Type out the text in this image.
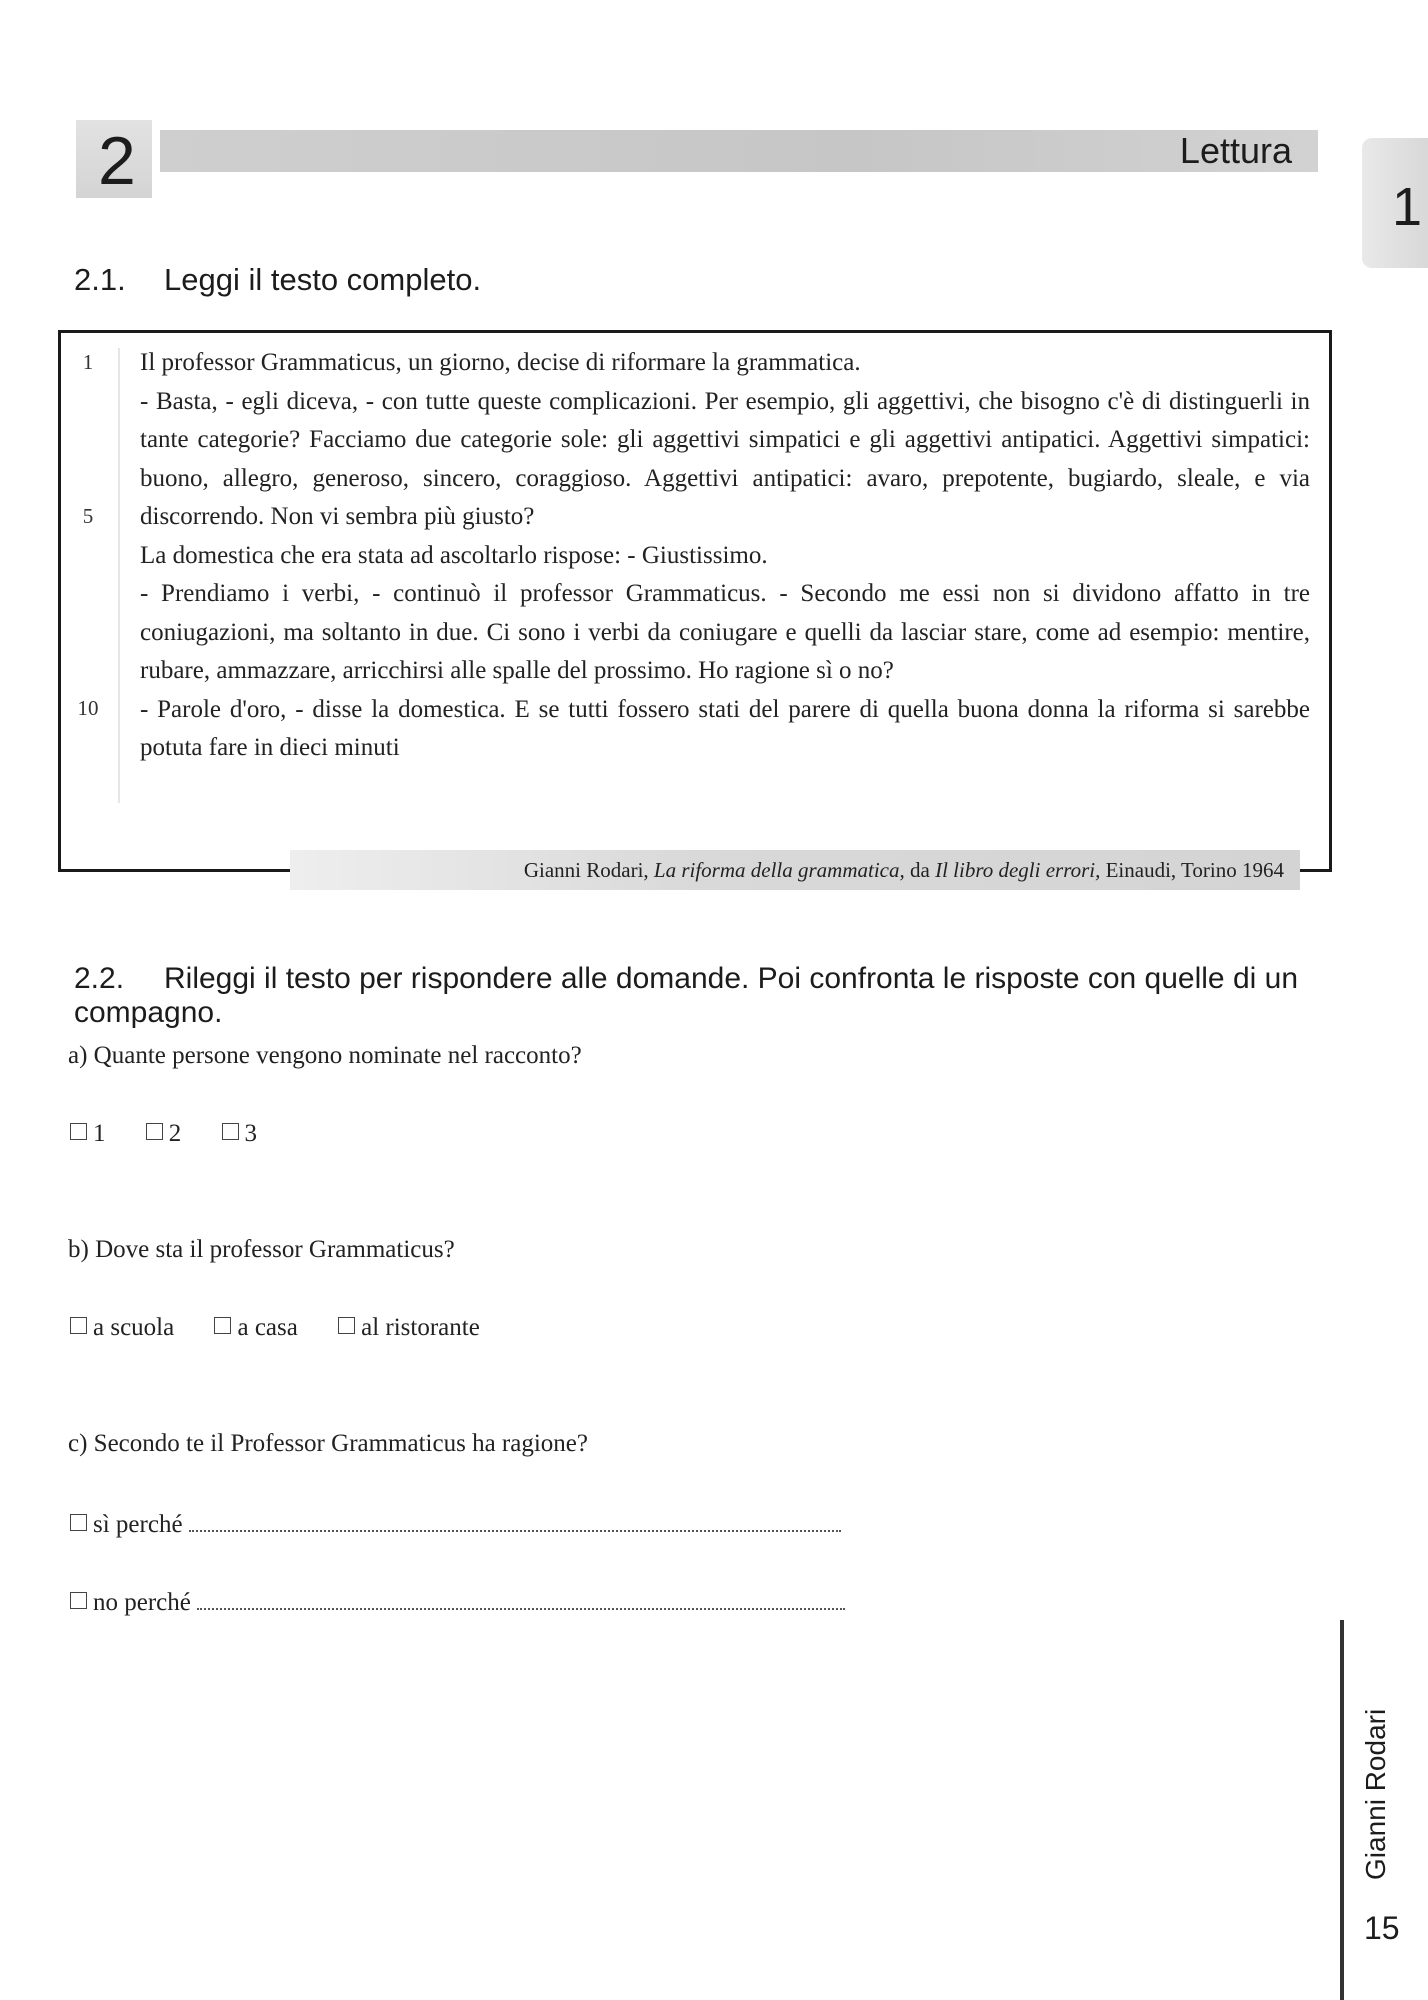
2	Lettura
1
2.1. Leggi il testo completo.
1
5
10

Il professor Grammaticus, un giorno, decise di riformare la grammatica.

- Basta, - egli diceva, - con tutte queste complicazioni. Per esempio, gli aggettivi, che bisogno c'è di distinguerli in tante categorie? Facciamo due categorie sole: gli aggettivi simpatici e gli aggettivi antipatici. Aggettivi simpatici: buono, allegro, generoso, sincero, coraggioso. Aggettivi antipatici: avaro, prepotente, bugiardo, sleale, e via discorrendo. Non vi sembra più giusto?

La domestica che era stata ad ascoltarlo rispose: - Giustissimo.

- Prendiamo i verbi, - continuò il professor Grammaticus. - Secondo me essi non si dividono affatto in tre coniugazioni, ma soltanto in due. Ci sono i verbi da coniugare e quelli da lasciar stare, come ad esempio: mentire, rubare, ammazzare, arricchirsi alle spalle del prossimo. Ho ragione sì o no?

- Parole d'oro, - disse la domestica. E se tutti fossero stati del parere di quella buona donna la riforma si sarebbe potuta fare in dieci minuti

Gianni Rodari, La riforma della grammatica, da Il libro degli errori, Einaudi, Torino 1964
2.2. Rileggi il testo per rispondere alle domande. Poi confronta le risposte con quelle di un compagno.
a) Quante persone vengono nominate nel racconto?
1	2	3
b) Dove sta il professor Grammaticus?
a scuola	a casa	al ristorante
c) Secondo te il Professor Grammaticus ha ragione?
sì perché
no perché
Gianni Rodari
15
